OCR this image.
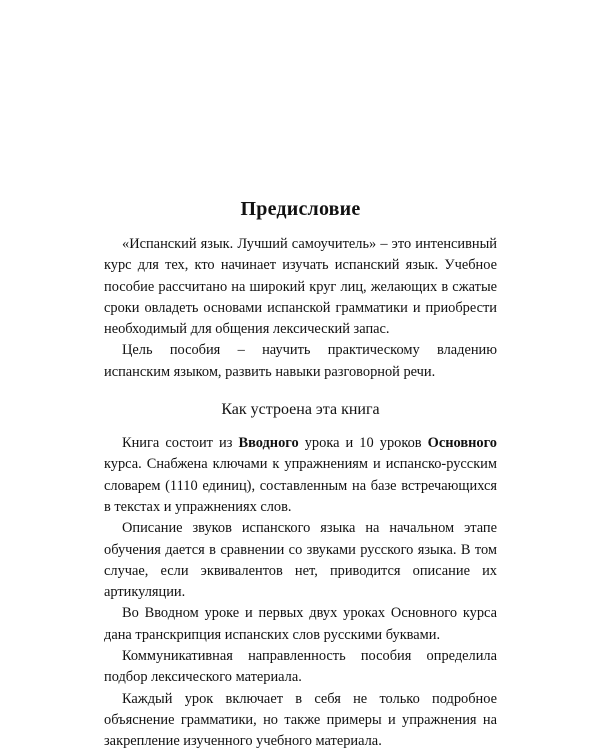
Предисловие

«Испанский язык. Лучший самоучитель» – это интенсивный курс для тех, кто начинает изучать испанский язык. Учебное пособие рассчитано на широкий круг лиц, желающих в сжатые сроки овладеть основами испанской грамматики и приобрести необходимый для общения лексический запас.

Цель пособия – научить практическому владению испанским языком, развить навыки разговорной речи.

Как устроена эта книга

Книга состоит из Вводного урока и 10 уроков Основного курса. Снабжена ключами к упражнениям и испанско-русским словарем (1110 единиц), составленным на базе встречающихся в текстах и упражнениях слов.

Описание звуков испанского языка на начальном этапе обучения дается в сравнении со звуками русского языка. В том случае, если эквивалентов нет, приводится описание их артикуляции.

Во Вводном уроке и первых двух уроках Основного курса дана транскрипция испанских слов русскими буквами.

Коммуникативная направленность пособия определила подбор лексического материала.

Каждый урок включает в себя не только подробное объяснение грамматики, но также примеры и упражнения на закрепление изученного учебного материала.
